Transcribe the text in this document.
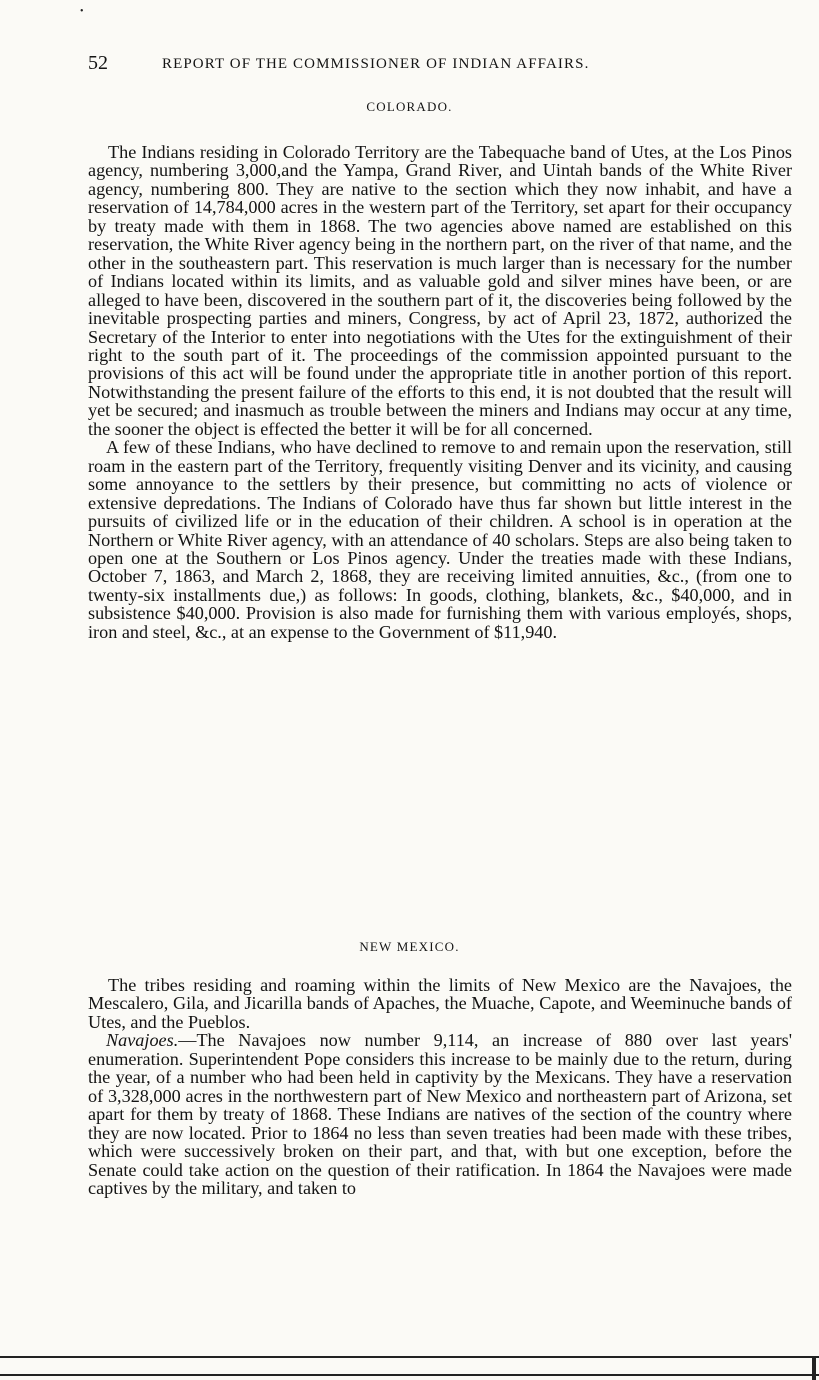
•
52	REPORT OF THE COMMISSIONER OF INDIAN AFFAIRS.
COLORADO.

The Indians residing in Colorado Territory are the Tabequache band of Utes, at the Los Pinos agency, numbering 3,000,and the Yampa, Grand River, and Uintah bands of the White River agency, numbering 800. They are native to the section which they now inhabit, and have a reservation of 14,784,000 acres in the western part of the Territory, set apart for their occupancy by treaty made with them in 1868. The two agencies above named are established on this reservation, the White River agency being in the northern part, on the river of that name, and the other in the southeastern part. This reservation is much larger than is necessary for the number of Indians located within its limits, and as valuable gold and silver mines have been, or are alleged to have been, discovered in the southern part of it, the discoveries being followed by the inevitable prospecting parties and miners, Congress, by act of April 23, 1872, authorized the Secretary of the Interior to enter into negotiations with the Utes for the extinguishment of their right to the south part of it. The proceedings of the commission appointed pursuant to the provisions of this act will be found under the appropriate title in another portion of this report. Notwithstanding the present failure of the efforts to this end, it is not doubted that the result will yet be secured; and inasmuch as trouble between the miners and Indians may occur at any time, the sooner the object is effected the better it will be for all concerned.

A few of these Indians, who have declined to remove to and remain upon the reservation, still roam in the eastern part of the Territory, frequently visiting Denver and its vicinity, and causing some annoyance to the settlers by their presence, but committing no acts of violence or extensive depredations. The Indians of Colorado have thus far shown but little interest in the pursuits of civilized life or in the education of their children. A school is in operation at the Northern or White River agency, with an attendance of 40 scholars. Steps are also being taken to open one at the Southern or Los Pinos agency. Under the treaties made with these Indians, October 7, 1863, and March 2, 1868, they are receiving limited annuities, &c., (from one to twenty-six installments due,) as follows: In goods, clothing, blankets, &c., $40,000, and in subsistence $40,000. Provision is also made for furnishing them with various employés, shops, iron and steel, &c., at an expense to the Government of $11,940.

NEW MEXICO.

The tribes residing and roaming within the limits of New Mexico are the Navajoes, the Mescalero, Gila, and Jicarilla bands of Apaches, the Muache, Capote, and Weeminuche bands of Utes, and the Pueblos.

Navajoes.—The Navajoes now number 9,114, an increase of 880 over last years' enumeration. Superintendent Pope considers this increase to be mainly due to the return, during the year, of a number who had been held in captivity by the Mexicans. They have a reservation of 3,328,000 acres in the northwestern part of New Mexico and northeastern part of Arizona, set apart for them by treaty of 1868. These Indians are natives of the section of the country where they are now located. Prior to 1864 no less than seven treaties had been made with these tribes, which were successively broken on their part, and that, with but one exception, before the Senate could take action on the question of their ratification. In 1864 the Navajoes were made captives by the military, and taken to
